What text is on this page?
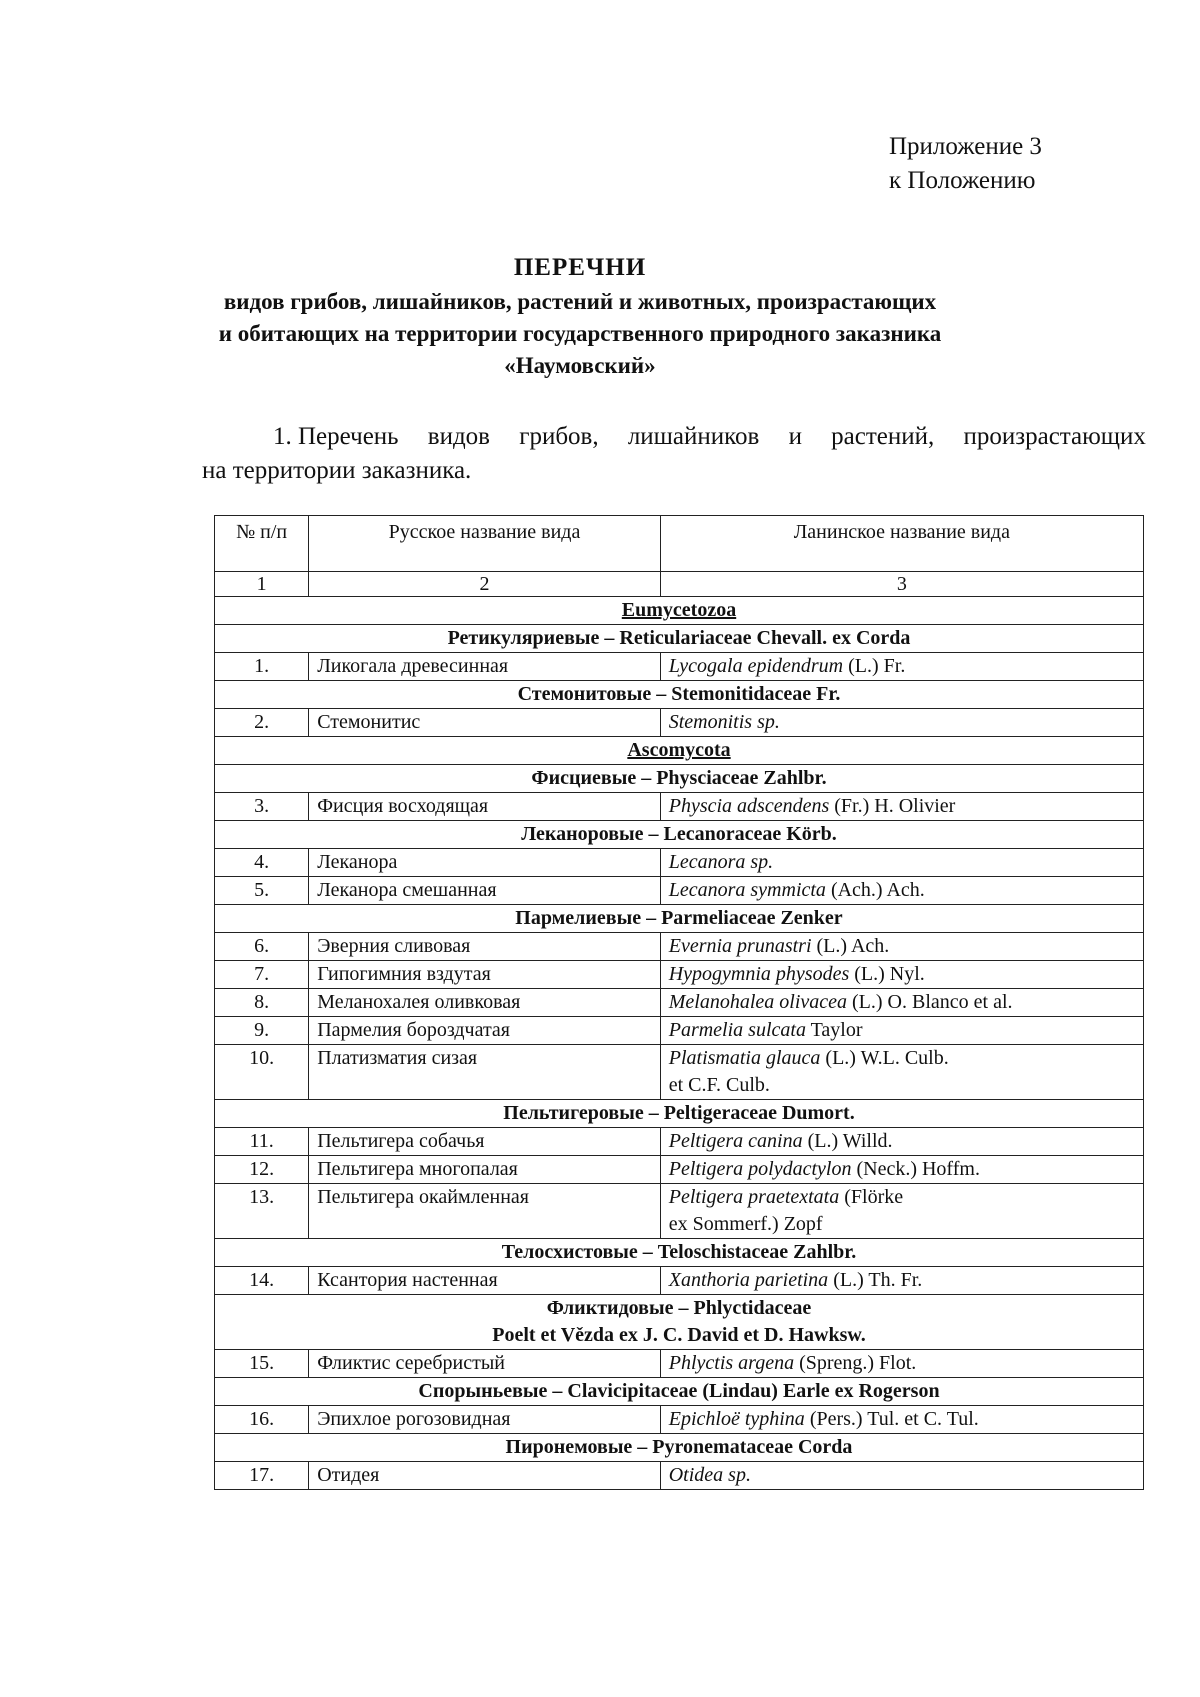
Приложение 3
к Положению
ПЕРЕЧНИ
видов грибов, лишайников, растений и животных, произрастающих
и обитающих на территории государственного природного заказника
«Наумовский»
1. Перечень видов грибов, лишайников и растений, произрастающих
на территории заказника.
№ п/п	Русское название вида	Ланинское название вида
1	2	3
Eumycetozoa		
Ретикуляриевые – Reticulariaceae Chevall. ex Corda		
1.	Ликогала древесинная	Lycogala epidendrum (L.) Fr.
Стемонитовые – Stemonitidaceae Fr.		
2.	Стемонитис	Stemonitis sp.
Ascomycota		
Фисциевые – Physciaceae Zahlbr.		
3.	Фисция восходящая	Physcia adscendens (Fr.) H. Olivier
Леканоровые – Lecanoraceae Körb.		
4.	Леканора	Lecanora sp.
5.	Леканора смешанная	Lecanora symmicta (Ach.) Ach.
Пармелиевые – Parmeliaceae Zenker		
6.	Эверния сливовая	Evernia prunastri (L.) Ach.
7.	Гипогимния вздутая	Hypogymnia physodes (L.) Nyl.
8.	Меланохалея оливковая	Melanohalea olivacea (L.) O. Blanco et al.
9.	Пармелия бороздчатая	Parmelia sulcata Taylor
10.	Платизматия сизая	Platismatia glauca (L.) W.L. Culb.
et C.F. Culb.
Пельтигеровые – Peltigeraceae Dumort.		
11.	Пельтигера собачья	Peltigera canina (L.) Willd.
12.	Пельтигера многопалая	Peltigera polydactylon (Neck.) Hoffm.
13.	Пельтигера окаймленная	Peltigera praetextata (Flörke
ex Sommerf.) Zopf
Телосхистовые – Teloschistaceae Zahlbr.		
14.	Ксантория настенная	Xanthoria parietina (L.) Th. Fr.
Фликтидовые – Phlyctidaceae
Poelt et Vězda ex J. C. David et D. Hawksw.		
15.	Фликтис серебристый	Phlyctis argena (Spreng.) Flot.
Спорыньевые – Clavicipitaceae (Lindau) Earle ex Rogerson		
16.	Эпихлое рогозовидная	Epichloë typhina (Pers.) Tul. et C. Tul.
Пиронемовые – Pyronemataceae Corda		
17.	Отидея	Otidea sp.
